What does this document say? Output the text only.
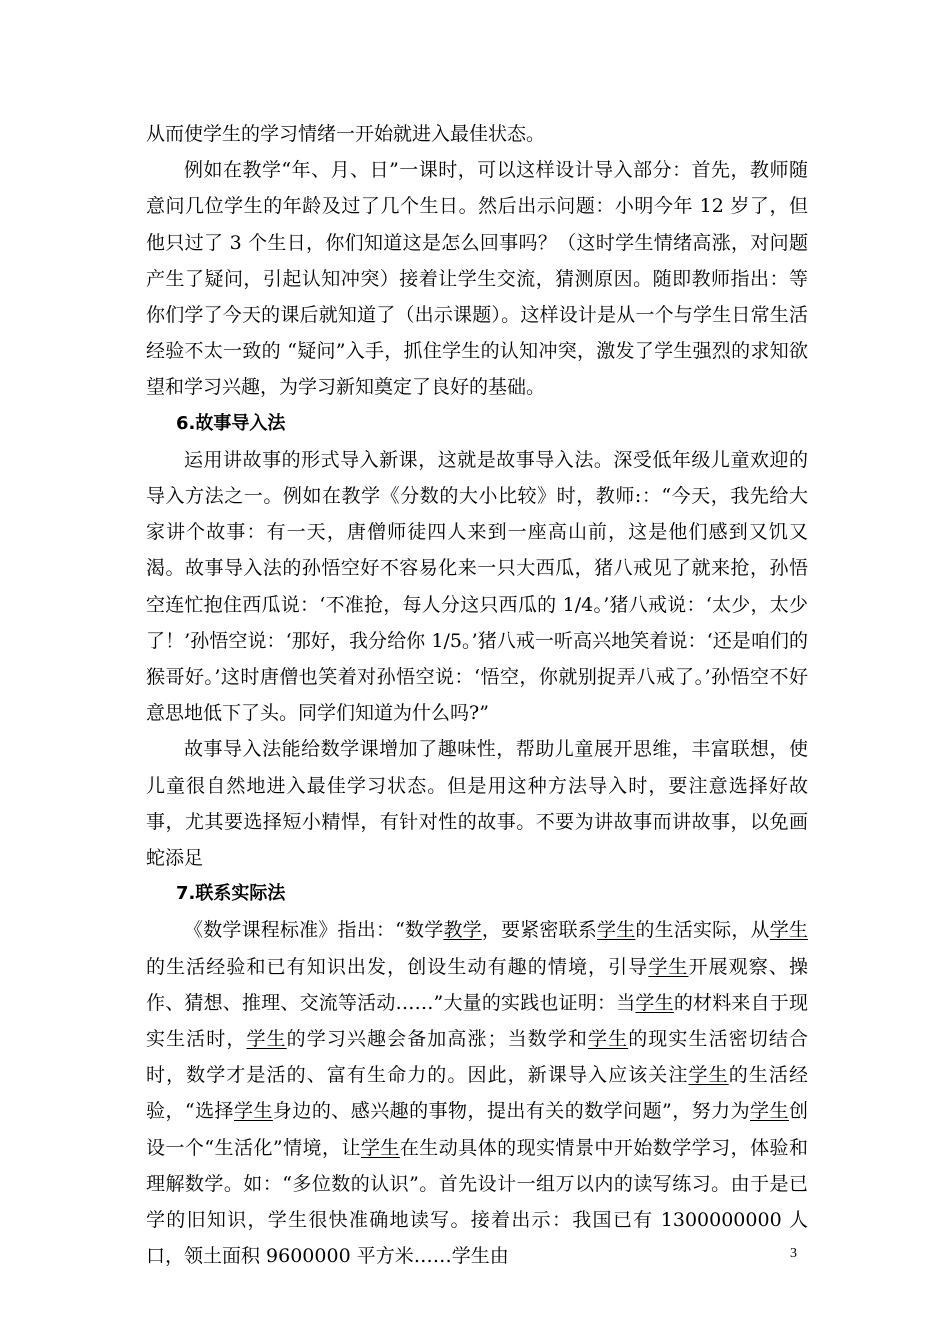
从而使学生的学习情绪一开始就进入最佳状态。

例如在教学“年、月、日”一课时，可以这样设计导入部分：首先，教师随意问几位学生的年龄及过了几个生日。然后出示问题：小明今年 12 岁了，但他只过了 3 个生日，你们知道这是怎么回事吗？（这时学生情绪高涨，对问题产生了疑问，引起认知冲突）接着让学生交流，猜测原因。随即教师指出：等你们学了今天的课后就知道了（出示课题）。这样设计是从一个与学生日常生活经验不太一致的 “疑问”入手，抓住学生的认知冲突，激发了学生强烈的求知欲望和学习兴趣，为学习新知奠定了良好的基础。

6.故事导入法

运用讲故事的形式导入新课，这就是故事导入法。深受低年级儿童欢迎的导入方法之一。例如在教学《分数的大小比较》时，教师:：“今天，我先给大家讲个故事：有一天，唐僧师徒四人来到一座高山前，这是他们感到又饥又渴。故事导入法的孙悟空好不容易化来一只大西瓜，猪八戒见了就来抢，孙悟空连忙抱住西瓜说：‘不准抢，每人分这只西瓜的 1/4。’猪八戒说：‘太少，太少了！’孙悟空说：‘那好，我分给你 1/5。’猪八戒一听高兴地笑着说：‘还是咱们的猴哥好。’这时唐僧也笑着对孙悟空说：‘悟空，你就别捉弄八戒了。’孙悟空不好意思地低下了头。同学们知道为什么吗?”

故事导入法能给数学课增加了趣味性，帮助儿童展开思维，丰富联想，使儿童很自然地进入最佳学习状态。但是用这种方法导入时，要注意选择好故事，尤其要选择短小精悍，有针对性的故事。不要为讲故事而讲故事，以免画蛇添足

7.联系实际法

《数学课程标准》指出：“数学教学，要紧密联系学生的生活实际，从学生的生活经验和已有知识出发，创设生动有趣的情境，引导学生开展观察、操作、猜想、推理、交流等活动……”大量的实践也证明：当学生的材料来自于现实生活时，学生的学习兴趣会备加高涨；当数学和学生的现实生活密切结合时，数学才是活的、富有生命力的。因此，新课导入应该关注学生的生活经验，“选择学生身边的、感兴趣的事物，提出有关的数学问题”，努力为学生创设一个“生活化”情境，让学生在生动具体的现实情景中开始数学学习，体验和理解数学。如：“多位数的认识”。首先设计一组万以内的读写练习。由于是已学的旧知识，学生很快准确地读写。接着出示：我国已有 1300000000 人口，领土面积 9600000 平方米……学生由	3
